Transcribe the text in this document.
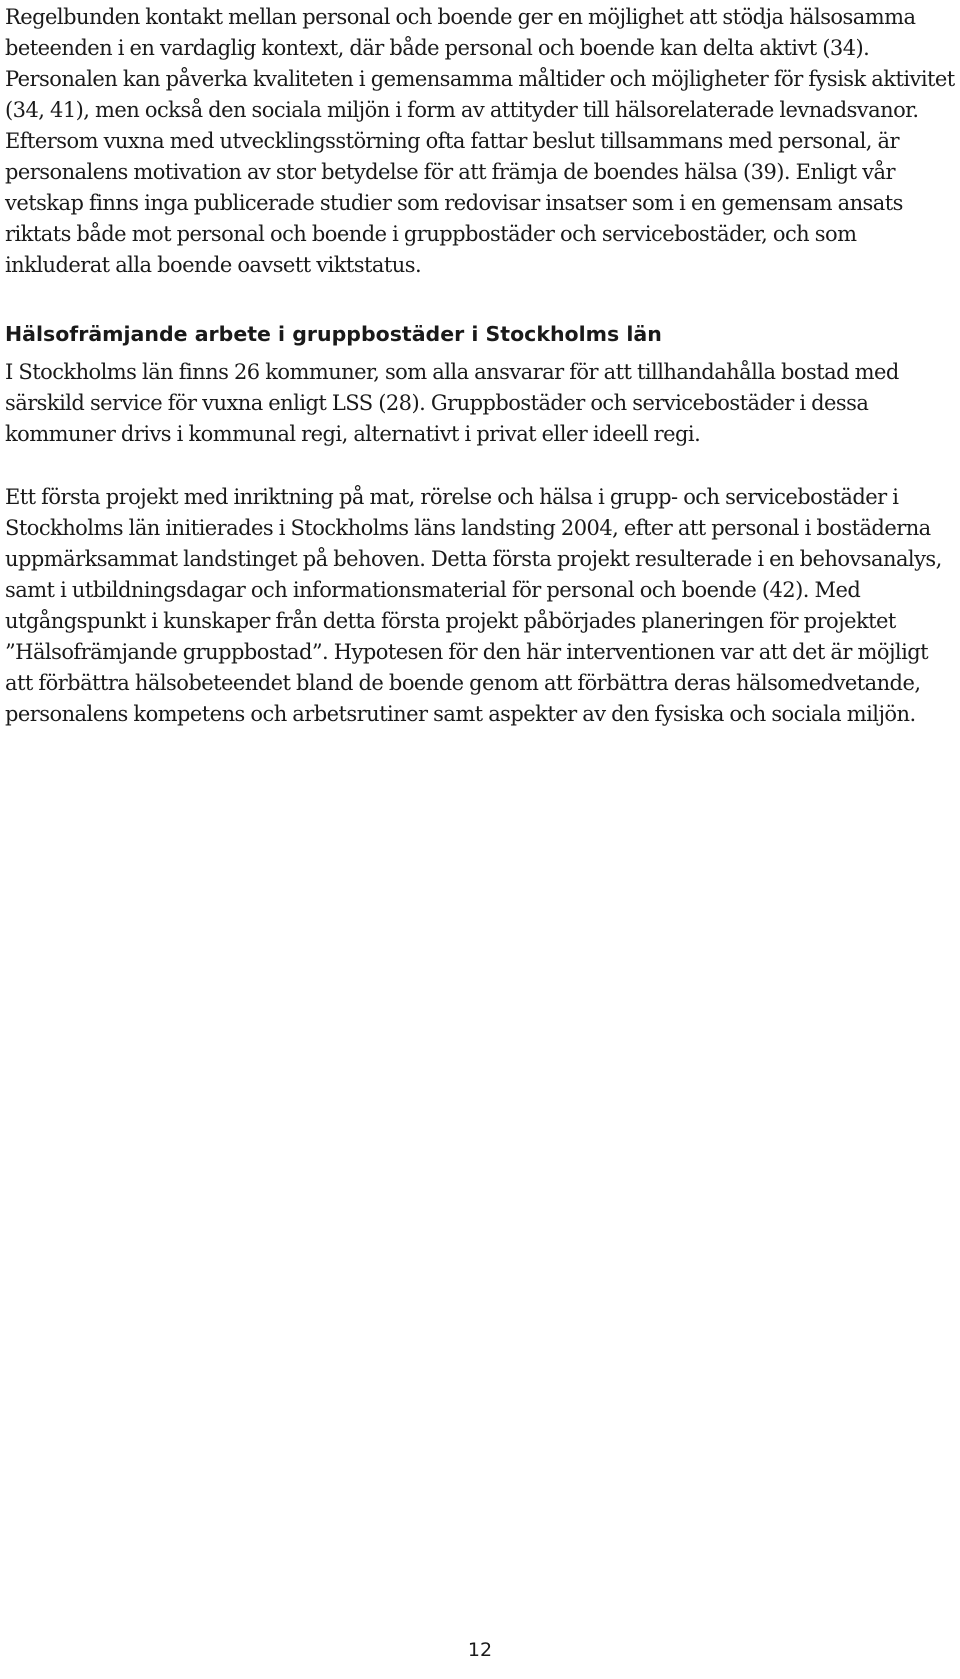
Regelbunden kontakt mellan personal och boende ger en möjlighet att stödja hälsosamma beteenden i en vardaglig kontext, där både personal och boende kan delta aktivt (34). Personalen kan påverka kvaliteten i gemensamma måltider och möjligheter för fysisk aktivitet (34, 41), men också den sociala miljön i form av attityder till hälsorelaterade levnadsvanor. Eftersom vuxna med utvecklingsstörning ofta fattar beslut tillsammans med personal, är personalens motivation av stor betydelse för att främja de boendes hälsa (39). Enligt vår vetskap finns inga publicerade studier som redovisar insatser som i en gemensam ansats riktats både mot personal och boende i gruppbostäder och servicebostäder, och som inkluderat alla boende oavsett viktstatus.

Hälsofrämjande arbete i gruppbostäder i Stockholms län

I Stockholms län finns 26 kommuner, som alla ansvarar för att tillhandahålla bostad med särskild service för vuxna enligt LSS (28). Gruppbostäder och servicebostäder i dessa kommuner drivs i kommunal regi, alternativt i privat eller ideell regi.

Ett första projekt med inriktning på mat, rörelse och hälsa i grupp- och servicebostäder i Stockholms län initierades i Stockholms läns landsting 2004, efter att personal i bostäderna uppmärksammat landstinget på behoven. Detta första projekt resulterade i en behovsanalys, samt i utbildningsdagar och informationsmaterial för personal och boende (42). Med utgångspunkt i kunskaper från detta första projekt påbörjades planeringen för projektet ”Hälsofrämjande gruppbostad”. Hypotesen för den här interventionen var att det är möjligt att förbättra hälsobeteendet bland de boende genom att förbättra deras hälsomedvetande, personalens kompetens och arbetsrutiner samt aspekter av den fysiska och sociala miljön.

12
